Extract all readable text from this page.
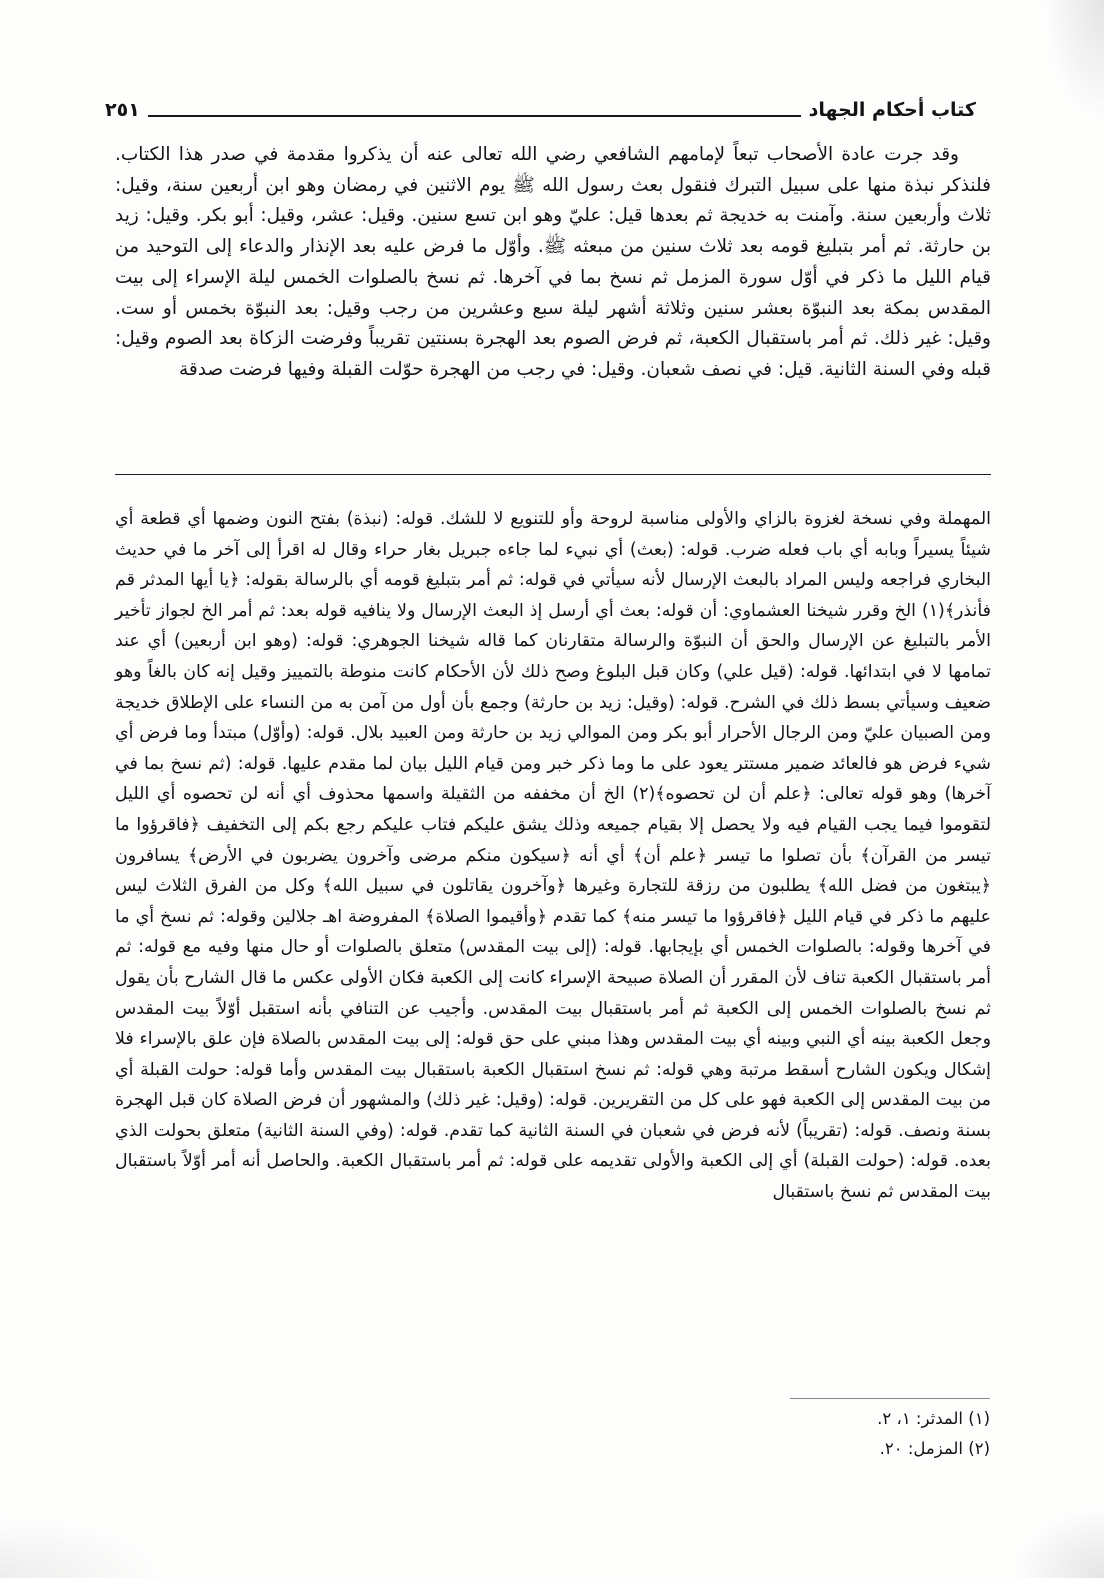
كتاب أحكام الجهاد
٢٥١

وقد جرت عادة الأصحاب تبعاً لإمامهم الشافعي رضي الله تعالى عنه أن يذكروا مقدمة في صدر هذا الكتاب. فلنذكر نبذة منها على سبيل التبرك فنقول بعث رسول الله ﷺ يوم الاثنين في رمضان وهو ابن أربعين سنة، وقيل: ثلاث وأربعين سنة. وآمنت به خديجة ثم بعدها قيل: عليّ وهو ابن تسع سنين. وقيل: عشر، وقيل: أبو بكر. وقيل: زيد بن حارثة. ثم أمر بتبليغ قومه بعد ثلاث سنين من مبعثه ﷺ. وأوّل ما فرض عليه بعد الإنذار والدعاء إلى التوحيد من قيام الليل ما ذكر في أوّل سورة المزمل ثم نسخ بما في آخرها. ثم نسخ بالصلوات الخمس ليلة الإسراء إلى بيت المقدس بمكة بعد النبوّة بعشر سنين وثلاثة أشهر ليلة سبع وعشرين من رجب وقيل: بعد النبوّة بخمس أو ست. وقيل: غير ذلك. ثم أمر باستقبال الكعبة، ثم فرض الصوم بعد الهجرة بسنتين تقريباً وفرضت الزكاة بعد الصوم وقيل: قبله وفي السنة الثانية. قيل: في نصف شعبان. وقيل: في رجب من الهجرة حوّلت القبلة وفيها فرضت صدقة

المهملة وفي نسخة لغزوة بالزاي والأولى مناسبة لروحة وأو للتنويع لا للشك. قوله: (نبذة) بفتح النون وضمها أي قطعة أي شيئاً يسيراً وبابه أي باب فعله ضرب. قوله: (بعث) أي نبيء لما جاءه جبريل بغار حراء وقال له اقرأ إلى آخر ما في حديث البخاري فراجعه وليس المراد بالبعث الإرسال لأنه سيأتي في قوله: ثم أمر بتبليغ قومه أي بالرسالة بقوله: ﴿يا أيها المدثر قم فأنذر﴾(١) الخ وقرر شيخنا العشماوي: أن قوله: بعث أي أرسل إذ البعث الإرسال ولا ينافيه قوله بعد: ثم أمر الخ لجواز تأخير الأمر بالتبليغ عن الإرسال والحق أن النبوّة والرسالة متقارنان كما قاله شيخنا الجوهري: قوله: (وهو ابن أربعين) أي عند تمامها لا في ابتدائها. قوله: (قيل علي) وكان قبل البلوغ وصح ذلك لأن الأحكام كانت منوطة بالتمييز وقيل إنه كان بالغاً وهو ضعيف وسيأتي بسط ذلك في الشرح. قوله: (وقيل: زيد بن حارثة) وجمع بأن أول من آمن به من النساء على الإطلاق خديجة ومن الصبيان عليّ ومن الرجال الأحرار أبو بكر ومن الموالي زيد بن حارثة ومن العبيد بلال. قوله: (وأوّل) مبتدأ وما فرض أي شيء فرض هو فالعائد ضمير مستتر يعود على ما وما ذكر خبر ومن قيام الليل بيان لما مقدم عليها. قوله: (ثم نسخ بما في آخرها) وهو قوله تعالى: ﴿علم أن لن تحصوه﴾(٢) الخ أن مخففه من الثقيلة واسمها محذوف أي أنه لن تحصوه أي الليل لتقوموا فيما يجب القيام فيه ولا يحصل إلا بقيام جميعه وذلك يشق عليكم فتاب عليكم رجع بكم إلى التخفيف ﴿فاقرؤوا ما تيسر من القرآن﴾ بأن تصلوا ما تيسر ﴿علم أن﴾ أي أنه ﴿سيكون منكم مرضى وآخرون يضربون في الأرض﴾ يسافرون ﴿يبتغون من فضل الله﴾ يطلبون من رزقة للتجارة وغيرها ﴿وآخرون يقاتلون في سبيل الله﴾ وكل من الفرق الثلاث ليس عليهم ما ذكر في قيام الليل ﴿فاقرؤوا ما تيسر منه﴾ كما تقدم ﴿وأقيموا الصلاة﴾ المفروضة اهـ جلالين وقوله: ثم نسخ أي ما في آخرها وقوله: بالصلوات الخمس أي بإيجابها. قوله: (إلى بيت المقدس) متعلق بالصلوات أو حال منها وفيه مع قوله: ثم أمر باستقبال الكعبة تناف لأن المقرر أن الصلاة صبيحة الإسراء كانت إلى الكعبة فكان الأولى عكس ما قال الشارح بأن يقول ثم نسخ بالصلوات الخمس إلى الكعبة ثم أمر باستقبال بيت المقدس. وأجيب عن التنافي بأنه استقبل أوّلاً بيت المقدس وجعل الكعبة بينه أي النبي وبينه أي بيت المقدس وهذا مبني على حق قوله: إلى بيت المقدس بالصلاة فإن علق بالإسراء فلا إشكال ويكون الشارح أسقط مرتبة وهي قوله: ثم نسخ استقبال الكعبة باستقبال بيت المقدس وأما قوله: حولت القبلة أي من بيت المقدس إلى الكعبة فهو على كل من التقريرين. قوله: (وقيل: غير ذلك) والمشهور أن فرض الصلاة كان قبل الهجرة بسنة ونصف. قوله: (تقريباً) لأنه فرض في شعبان في السنة الثانية كما تقدم. قوله: (وفي السنة الثانية) متعلق بحولت الذي بعده. قوله: (حولت القبلة) أي إلى الكعبة والأولى تقديمه على قوله: ثم أمر باستقبال الكعبة. والحاصل أنه أمر أوّلاً باستقبال بيت المقدس ثم نسخ باستقبال

(١) المدثر: ١، ٢.
(٢) المزمل: ٢٠.
